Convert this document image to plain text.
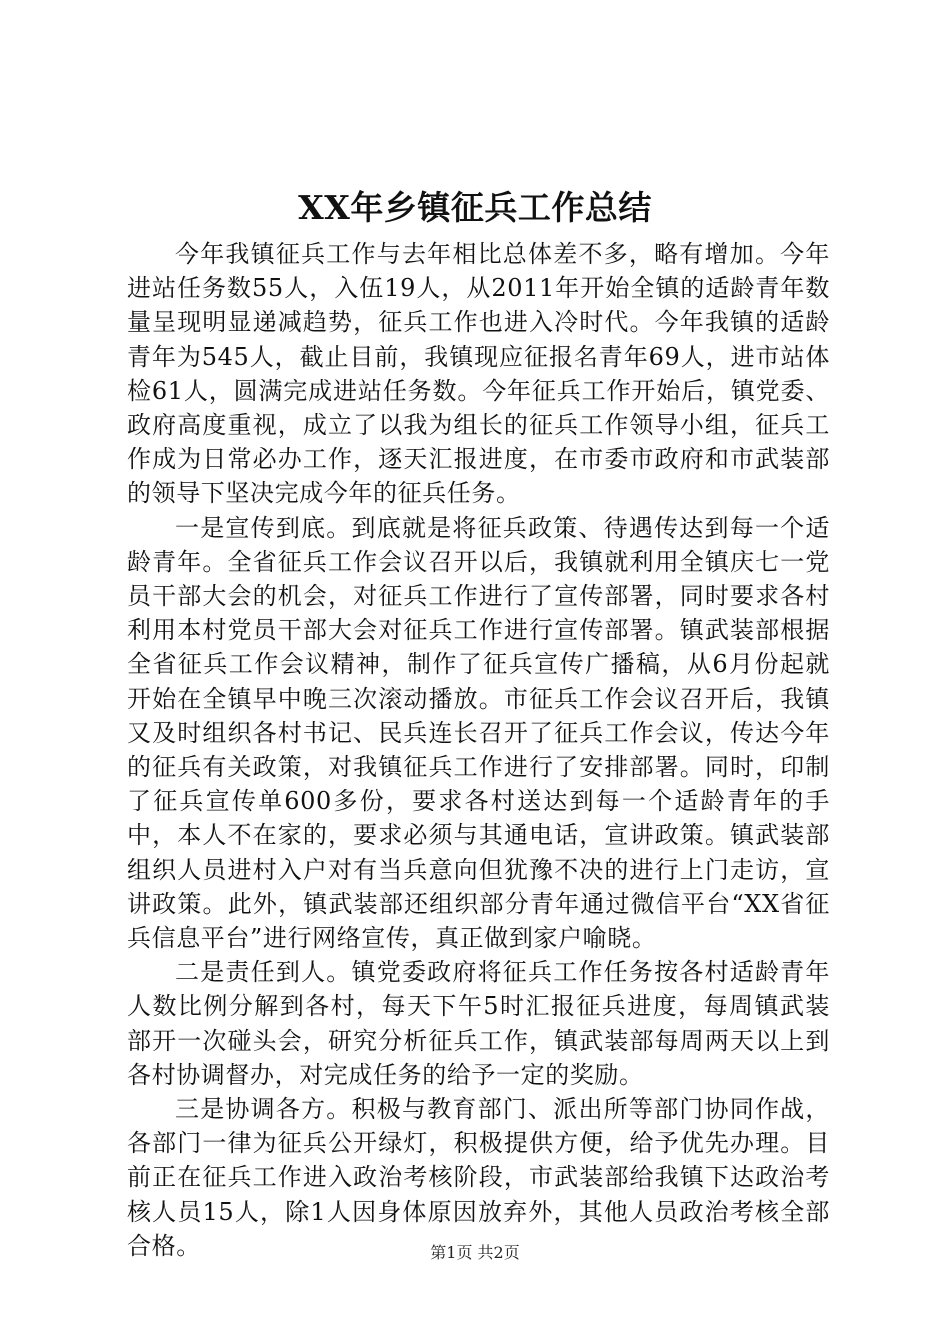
XX年乡镇征兵工作总结

今年我镇征兵工作与去年相比总体差不多，略有增加。今年进站任务数55人，入伍19人，从2011年开始全镇的适龄青年数量呈现明显递减趋势，征兵工作也进入冷时代。今年我镇的适龄青年为545人，截止目前，我镇现应征报名青年69人，进市站体检61人，圆满完成进站任务数。今年征兵工作开始后，镇党委、政府高度重视，成立了以我为组长的征兵工作领导小组，征兵工作成为日常必办工作，逐天汇报进度，在市委市政府和市武装部的领导下坚决完成今年的征兵任务。

一是宣传到底。到底就是将征兵政策、待遇传达到每一个适龄青年。全省征兵工作会议召开以后，我镇就利用全镇庆七一党员干部大会的机会，对征兵工作进行了宣传部署，同时要求各村利用本村党员干部大会对征兵工作进行宣传部署。镇武装部根据全省征兵工作会议精神，制作了征兵宣传广播稿，从6月份起就开始在全镇早中晚三次滚动播放。市征兵工作会议召开后，我镇又及时组织各村书记、民兵连长召开了征兵工作会议，传达今年的征兵有关政策，对我镇征兵工作进行了安排部署。同时，印制了征兵宣传单600多份，要求各村送达到每一个适龄青年的手中，本人不在家的，要求必须与其通电话，宣讲政策。镇武装部组织人员进村入户对有当兵意向但犹豫不决的进行上门走访，宣讲政策。此外，镇武装部还组织部分青年通过微信平台“XX省征兵信息平台”进行网络宣传，真正做到家户喻晓。

二是责任到人。镇党委政府将征兵工作任务按各村适龄青年人数比例分解到各村，每天下午5时汇报征兵进度，每周镇武装部开一次碰头会，研究分析征兵工作，镇武装部每周两天以上到各村协调督办，对完成任务的给予一定的奖励。

三是协调各方。积极与教育部门、派出所等部门协同作战，各部门一律为征兵公开绿灯，积极提供方便，给予优先办理。目前正在征兵工作进入政治考核阶段，市武装部给我镇下达政治考核人员15人，除1人因身体原因放弃外，其他人员政治考核全部合格。	第1页 共2页
